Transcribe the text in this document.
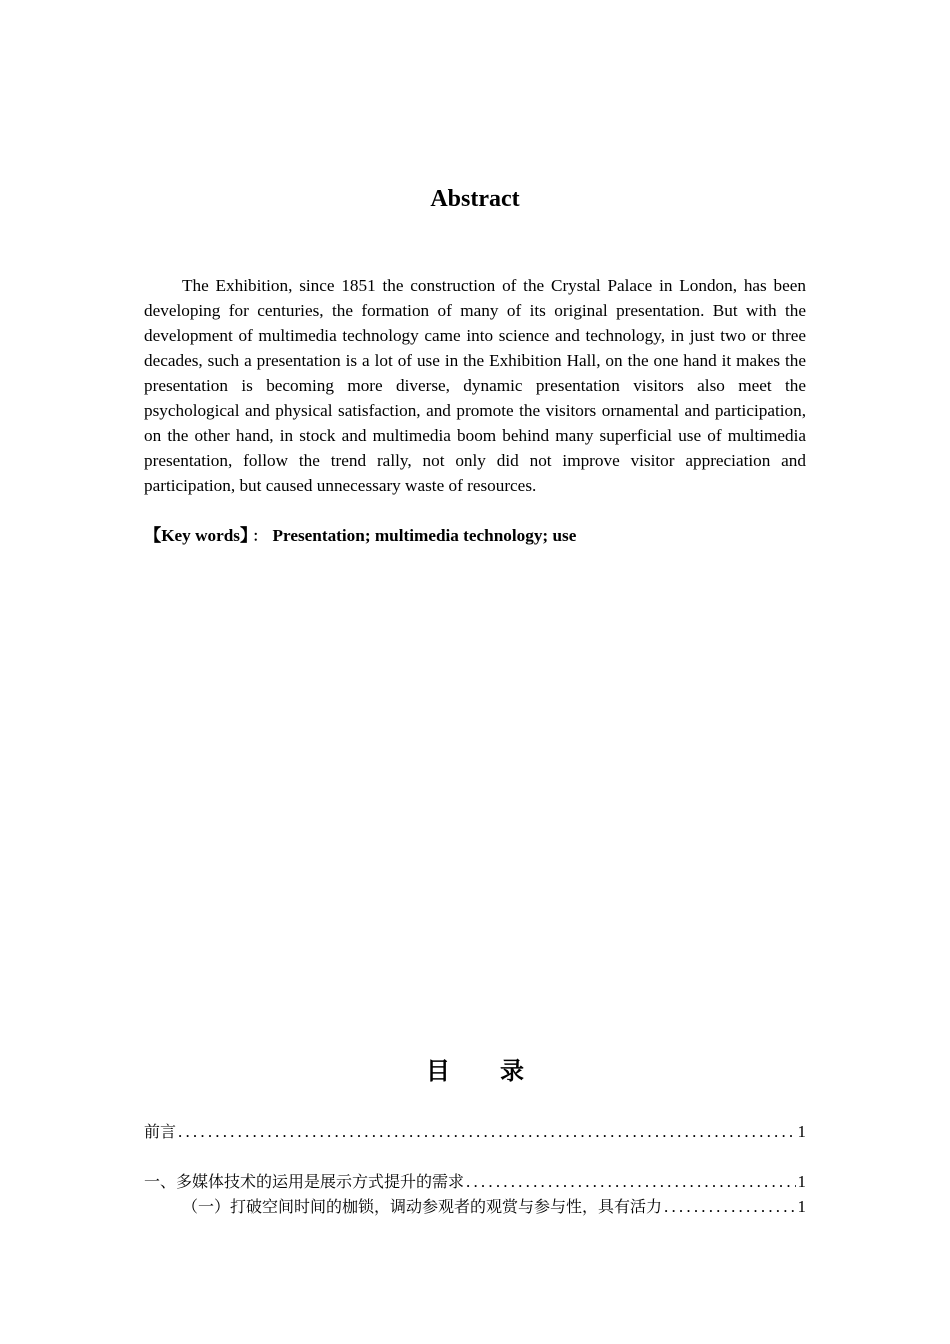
Abstract

The Exhibition, since 1851 the construction of the Crystal Palace in London, has been developing for centuries, the formation of many of its original presentation. But with the development of multimedia technology came into science and technology, in just two or three decades, such a presentation is a lot of use in the Exhibition Hall, on the one hand it makes the presentation is becoming more diverse, dynamic presentation visitors also meet the psychological and physical satisfaction, and promote the visitors ornamental and participation, on the other hand, in stock and multimedia boom behind many superficial use of multimedia presentation, follow the trend rally, not only did not improve visitor appreciation and participation, but caused unnecessary waste of resources.

【Key words】 ： Presentation; multimedia technology; use
目录
前言 .....	1
一、多媒体技术的运用是展示方式提升的需求 .....	1
（一）打破空间时间的枷锁，调动参观者的观赏与参与性，具有活力 .....	1
